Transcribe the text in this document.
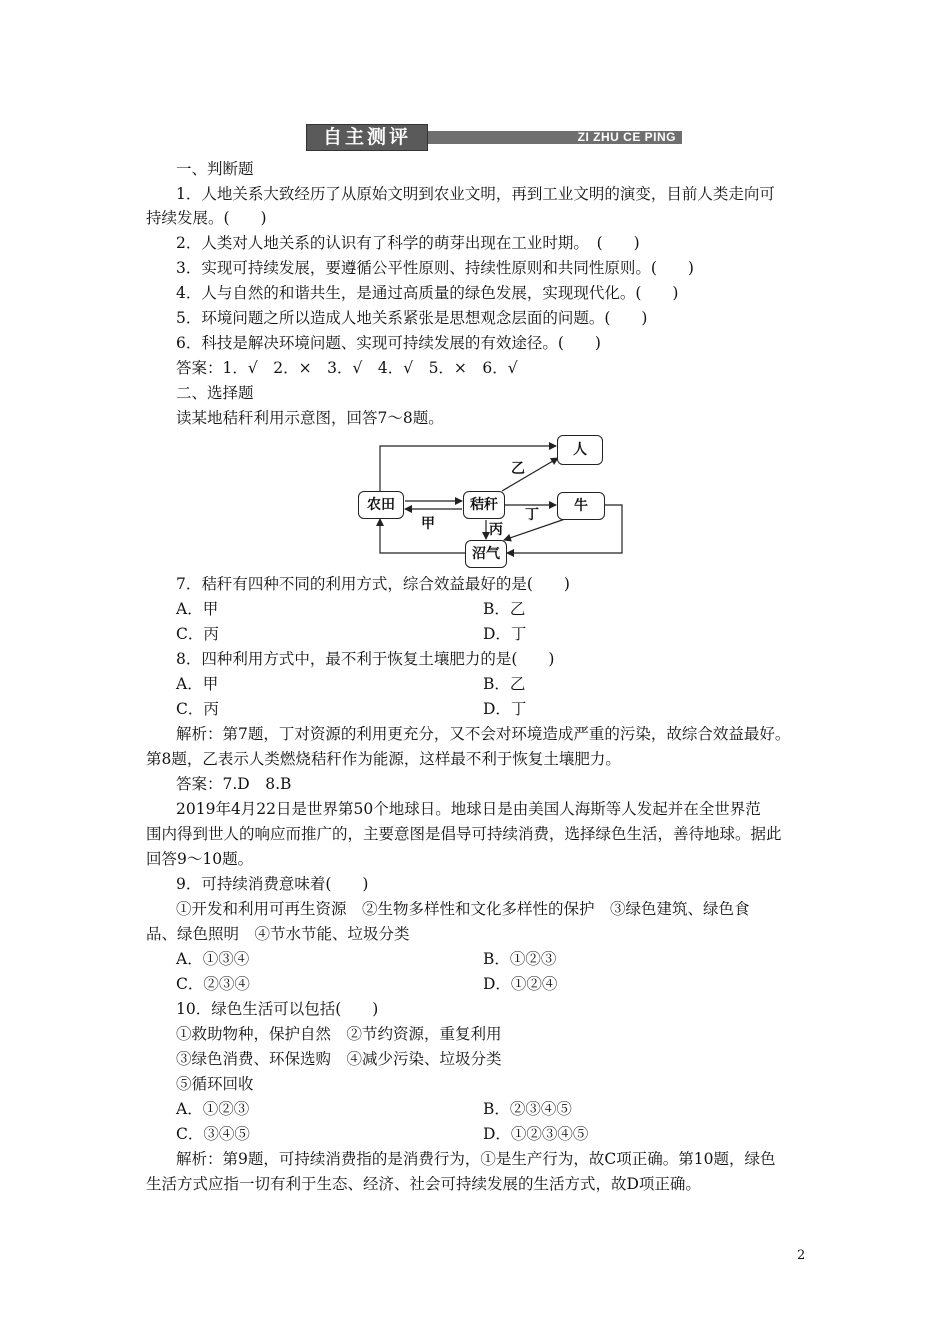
自主测评	ZI ZHU CE PING
一、判断题
1．人地关系大致经历了从原始文明到农业文明，再到工业文明的演变，目前人类走向可
持续发展。(　　)
2．人类对人地关系的认识有了科学的萌芽出现在工业时期。　(　　)
3．实现可持续发展，要遵循公平性原则、持续性原则和共同性原则。(　　)
4．人与自然的和谐共生，是通过高质量的绿色发展，实现现代化。(　　)
5．环境问题之所以造成人地关系紧张是思想观念层面的问题。(　　)
6．科技是解决环境问题、实现可持续发展的有效途径。(　　)
答案：1．√　2．×　3．√　4．√　5．×　6．√
二、选择题
读某地秸秆利用示意图，回答7～8题。
农田	秸秆
人
牛
沼气
甲
乙
丙
丁
7．秸秆有四种不同的利用方式，综合效益最好的是(　　)
A．甲	B．乙
C．丙	D．丁
8．四种利用方式中，最不利于恢复土壤肥力的是(　　)
A．甲	B．乙
C．丙	D．丁
解析：第7题，丁对资源的利用更充分，又不会对环境造成严重的污染，故综合效益最好。
第8题，乙表示人类燃烧秸秆作为能源，这样最不利于恢复土壤肥力。
答案：7.D　8.B
2019年4月22日是世界第50个地球日。地球日是由美国人海斯等人发起并在全世界范
围内得到世人的响应而推广的，主要意图是倡导可持续消费，选择绿色生活，善待地球。据此
回答9～10题。
9．可持续消费意味着(　　)
①开发和利用可再生资源　②生物多样性和文化多样性的保护　③绿色建筑、绿色食
品、绿色照明　④节水节能、垃圾分类
A．①③④	B．①②③
C．②③④	D．①②④
10．绿色生活可以包括(　　)
①救助物种，保护自然　②节约资源，重复利用
③绿色消费、环保选购　④减少污染、垃圾分类
⑤循环回收
A．①②③	B．②③④⑤
C．③④⑤	D．①②③④⑤
解析：第9题，可持续消费指的是消费行为，①是生产行为，故C项正确。第10题，绿色
生活方式应指一切有利于生态、经济、社会可持续发展的生活方式，故D项正确。
2
